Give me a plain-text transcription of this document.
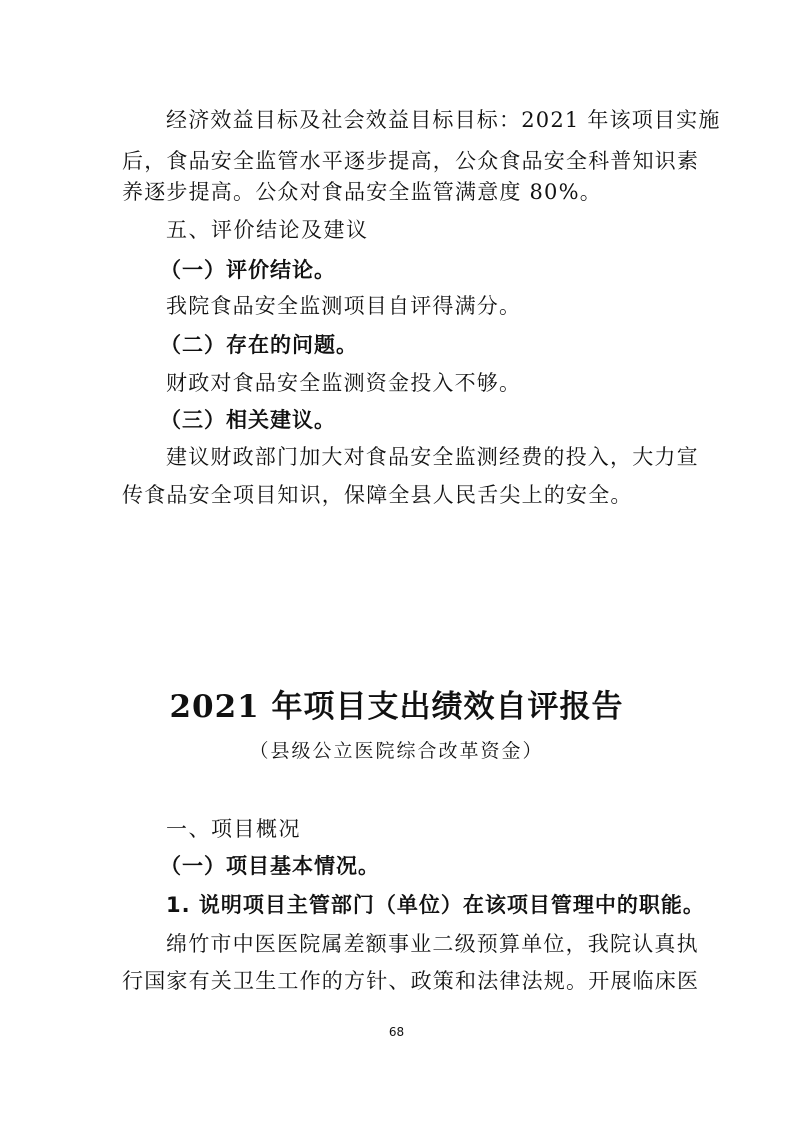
经济效益目标及社会效益目标目标：2021 年该项目实施
后，食品安全监管水平逐步提高，公众食品安全科普知识素
养逐步提高。公众对食品安全监管满意度 80%。
五、评价结论及建议
（一）评价结论。
我院食品安全监测项目自评得满分。
（二）存在的问题。
财政对食品安全监测资金投入不够。
（三）相关建议。
建议财政部门加大对食品安全监测经费的投入，大力宣
传食品安全项目知识，保障全县人民舌尖上的安全。
2021 年项目支出绩效自评报告
（县级公立医院综合改革资金）
一、项目概况
（一）项目基本情况。
1. 说明项目主管部门（单位）在该项目管理中的职能。
绵竹市中医医院属差额事业二级预算单位，我院认真执
行国家有关卫生工作的方针、政策和法律法规。开展临床医
68
